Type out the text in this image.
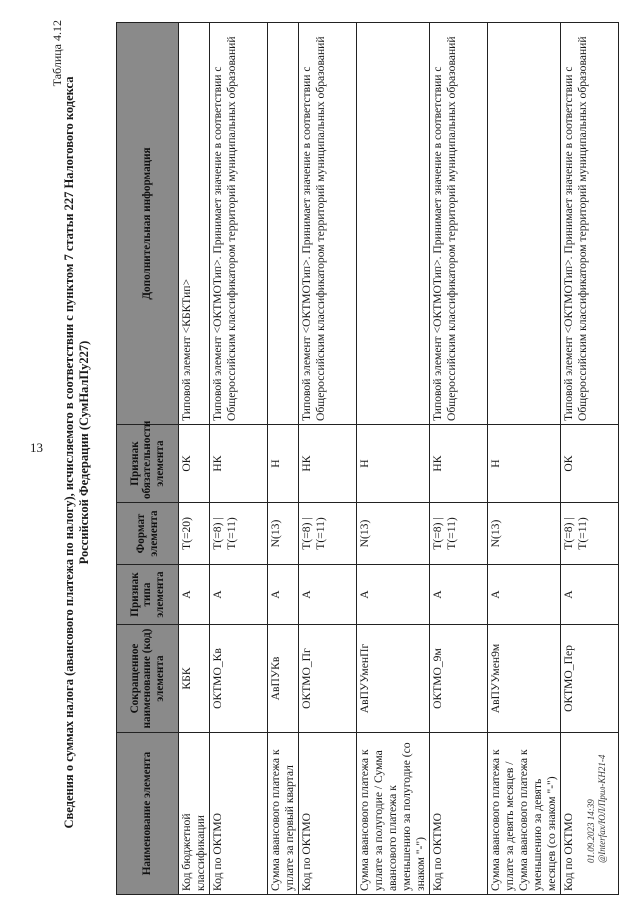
13
Таблица 4.12
Сведения о суммах налога (авансового платежа по налогу), исчисляемого в соответствии с пунктом 7 статьи 227 Налогового кодекса Российской Федерации (СумНалПу227)
Наименование элемента	Сокращенное наименование (код) элемента	Признак типа элемента	Формат элемента	Признак обязательности элемента	Дополнительная информация
Код бюджетной классификации	КБК	A	T(=20)	ОК	Типовой элемент <КБКТип>
Код по ОКТМО	ОКТМО_Кв	A	T(=8) | T(=11)	НК	Типовой элемент <ОКТМОТип>. Принимает значение в соответствии с Общероссийским классификатором территорий муниципальных образований
Сумма авансового платежа к уплате за первый квартал	АвПУКв	A	N(13)	Н	
Код по ОКТМО	ОКТМО_Пг	A	T(=8) | T(=11)	НК	Типовой элемент <ОКТМОТип>. Принимает значение в соответствии с Общероссийским классификатором территорий муниципальных образований
Сумма авансового платежа к уплате за полугодие / Сумма авансового платежа к уменьшению за полугодие (со знаком "-")	АвПУУменПг	A	N(13)	Н	
Код по ОКТМО	ОКТМО_9м	A	T(=8) | T(=11)	НК	Типовой элемент <ОКТМОТип>. Принимает значение в соответствии с Общероссийским классификатором территорий муниципальных образований
Сумма авансового платежа к уплате за девять месяцев / Сумма авансового платежа к уменьшению за девять месяцев (со знаком "-")	АвПУУмен9м	A	N(13)	Н	
Код по ОКТМО	ОКТМО_Пер	A	T(=8) | T(=11)	ОК	Типовой элемент <ОКТМОТип>. Принимает значение в соответствии с Общероссийским классификатором территорий муниципальных образований
01.09.2023 14:39 @Interfax/ЮЛ/Прил-КН21-4
